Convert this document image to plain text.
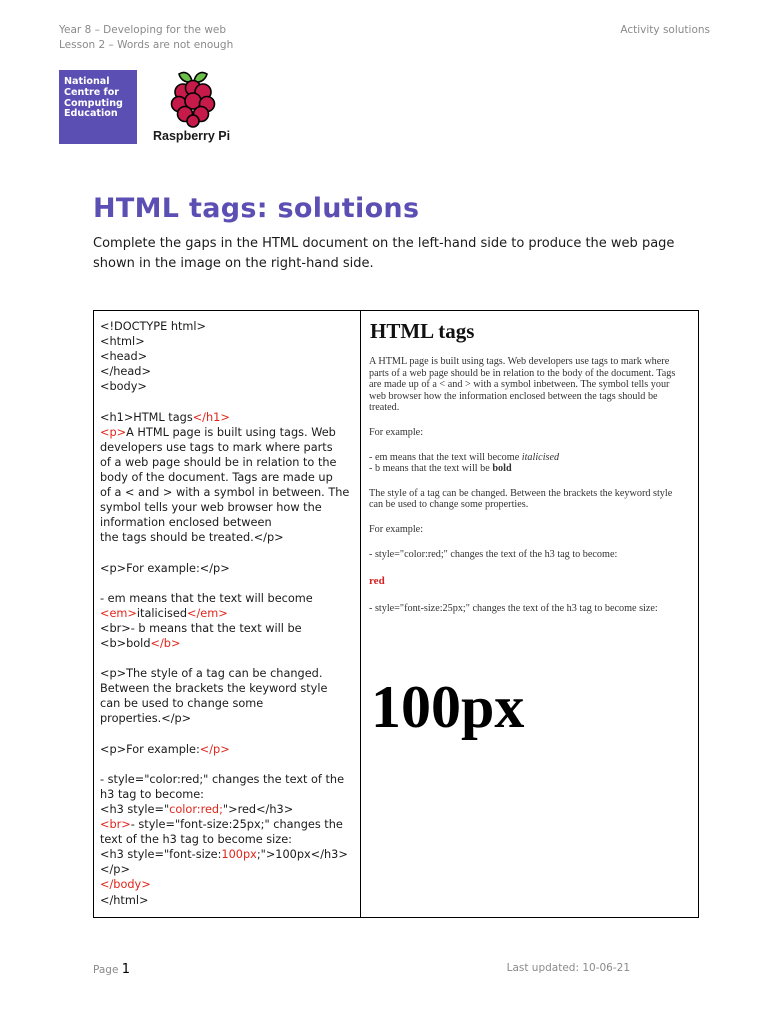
Year 8 – Developing for the web
Lesson 2 – Words are not enough
Activity solutions
National
Centre for
Computing
Education
Raspberry Pi
HTML tags: solutions

Complete the gaps in the HTML document on the left-hand side to produce the web page shown in the image on the right-hand side.

<!DOCTYPE html>
<html>
<head>
</head>
<body>
<h1>HTML tags</h1>
<p>A HTML page is built using tags. Web
developers use tags to mark where parts
of a web page should be in relation to the
body of the document. Tags are made up
of a < and > with a symbol in between. The
symbol tells your web browser how the
information enclosed between
the tags should be treated.</p>
<p>For example:</p>
- em means that the text will become
<em>italicised</em>
<br>- b means that the text will be
<b>bold</b>
<p>The style of a tag can be changed.
Between the brackets the keyword style
can be used to change some
properties.</p>
<p>For example:</p>
- style="color:red;" changes the text of the
h3 tag to become:
<h3 style="color:red;">red</h3>
<br>- style="font-size:25px;" changes the
text of the h3 tag to become size:
<h3 style="font-size:100px;">100px</h3>
</p>
</body>
</html>
HTML tags

A HTML page is built using tags. Web developers use tags to mark where parts of a web page should be in relation to the body of the document. Tags are made up of a < and > with a symbol inbetween. The symbol tells your web browser how the information enclosed between the tags should be treated.

For example:

- em means that the text will become italicised

- b means that the text will be bold

The style of a tag can be changed. Between the brackets the keyword style can be used to change some properties.

For example:

- style="color:red;" changes the text of the h3 tag to become:

red

- style="font-size:25px;" changes the text of the h3 tag to become size:

100px
Page 1	Last updated: 10-06-21
